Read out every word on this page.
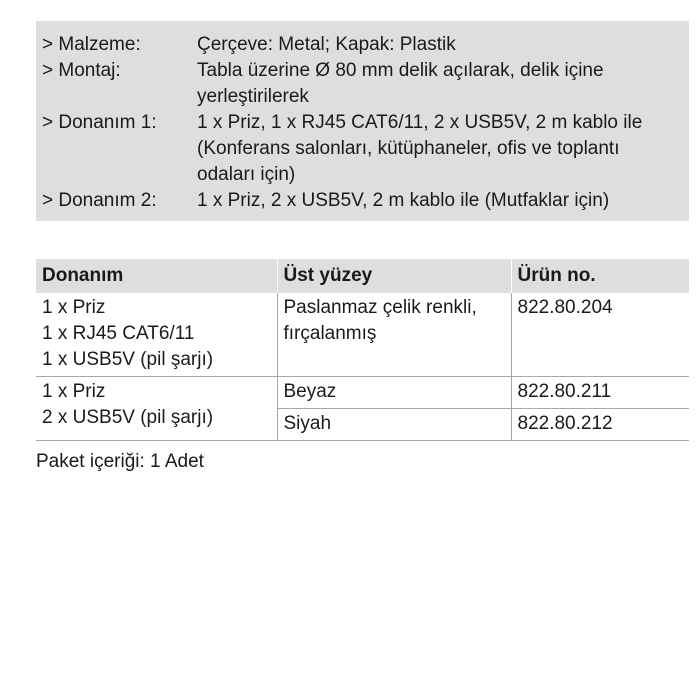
> Malzeme:	Çerçeve: Metal; Kapak: Plastik
> Montaj:	Tabla üzerine Ø 80 mm delik açılarak, delik içine yerleştirilerek
> Donanım 1:	1 x Priz, 1 x RJ45 CAT6/11, 2 x USB5V, 2 m kablo ile (Konferans salonları, kütüphaneler, ofis ve toplantı odaları için)
> Donanım 2:	1 x Priz, 2 x USB5V, 2 m kablo ile (Mutfaklar için)
Donanım	Üst yüzey	Ürün no.

1 x Priz
1 x RJ45 CAT6/11
1 x USB5V (pil şarjı)	Paslanmaz çelik renkli, fırçalanmış	822.80.204

1 x Priz
2 x USB5V (pil şarjı)	Beyaz	822.80.211
	Siyah	822.80.212
Paket içeriği: 1 Adet
